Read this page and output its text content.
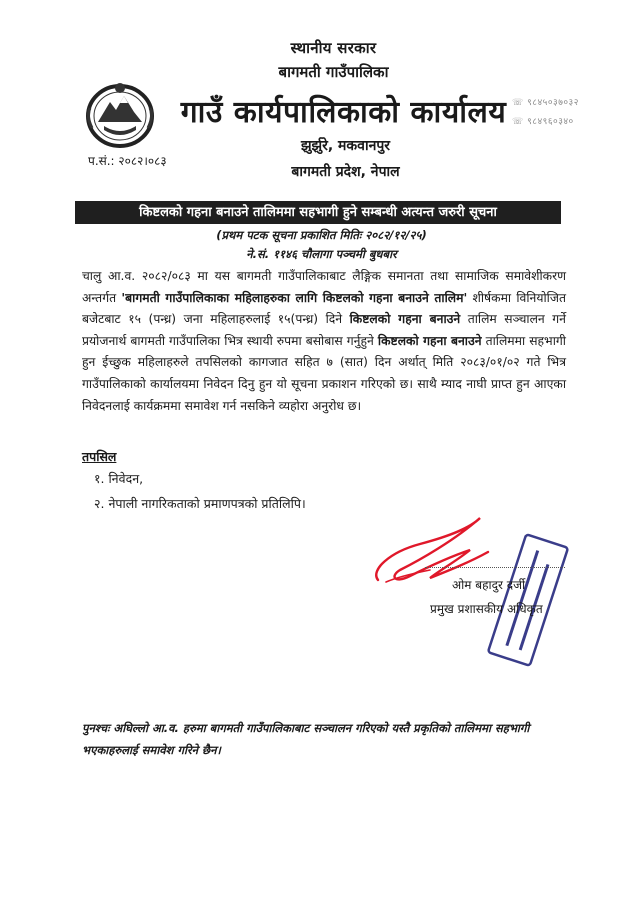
स्थानीय सरकार
बागमती गाउँपालिका
गाउँ कार्यपालिकाको कार्यालय
झुर्झुरे, मकवानपुर
बागमती प्रदेश, नेपाल
प.सं.: २०८२।०८३
☏ ९८४५०३७०३२
☏ ९८४९६०३४०
किष्टलको गहना बनाउने तालिममा सहभागी हुने सम्बन्धी अत्यन्त जरुरी सूचना
(प्रथम पटक सूचना प्रकाशित मितिः २०८२/१२/२५)
ने.सं. ११४६ चौलागा पञ्चमी बुधबार
चालु आ.व. २०८२/०८३ मा यस बागमती गाउँपालिकाबाट लैङ्गिक समानता तथा सामाजिक समावेशीकरण अन्तर्गत 'बागमती गाउँपालिकाका महिलाहरुका लागि किष्टलको गहना बनाउने तालिम' शीर्षकमा विनियोजित बजेटबाट १५ (पन्ध्र) जना महिलाहरुलाई १५(पन्ध्र) दिने किष्टलको गहना बनाउने तालिम सञ्चालन गर्ने प्रयोजनार्थ बागमती गाउँपालिका भित्र स्थायी रुपमा बसोबास गर्नुहुने किष्टलको गहना बनाउने तालिममा सहभागी हुन ईच्छुक महिलाहरुले तपसिलको कागजात सहित ७ (सात) दिन अर्थात् मिति २०८३/०१/०२ गते भित्र गाउँपालिकाको कार्यालयमा निवेदन दिनु हुन यो सूचना प्रकाशन गरिएको छ। साथै म्याद नाघी प्राप्त हुन आएका निवेदनलाई कार्यक्रममा समावेश गर्न नसकिने व्यहोरा अनुरोध छ।
तपसिल
१. निवेदन,
२. नेपाली नागरिकताको प्रमाणपत्रको प्रतिलिपि।
ओम बहादुर दर्जी
प्रमुख प्रशासकीय अधिकृत
पुनश्चः अघिल्लो आ.व. हरुमा बागमती गाउँपालिकाबाट सञ्चालन गरिएको यस्तै प्रकृतिको तालिममा सहभागी भएकाहरुलाई समावेश गरिने छैन।
